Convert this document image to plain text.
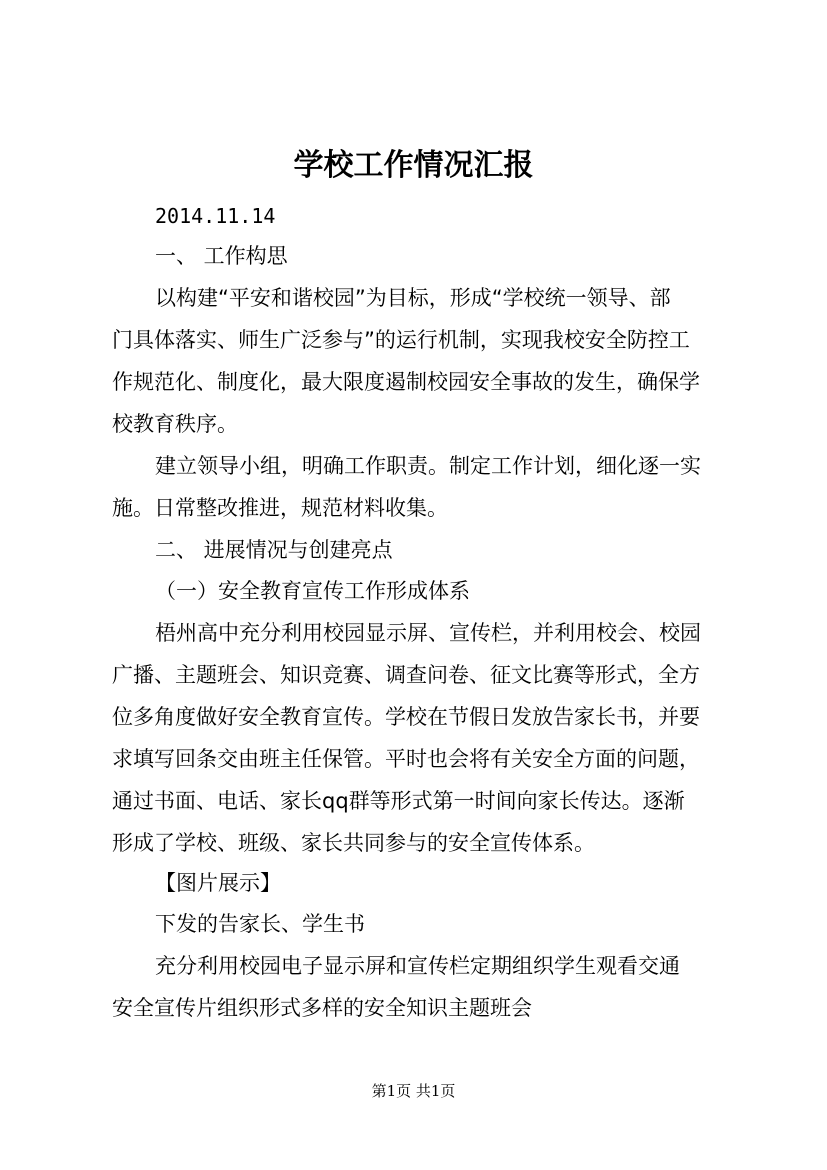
学校工作情况汇报

2014.11.14

一、 工作构思

以构建“平安和谐校园”为目标，形成“学校统一领导、部

门具体落实、师生广泛参与”的运行机制，实现我校安全防控工

作规范化、制度化，最大限度遏制校园安全事故的发生，确保学

校教育秩序。

建立领导小组，明确工作职责。制定工作计划，细化逐一实

施。日常整改推进，规范材料收集。

二、 进展情况与创建亮点

（一）安全教育宣传工作形成体系

梧州高中充分利用校园显示屏、宣传栏，并利用校会、校园

广播、主题班会、知识竞赛、调查问卷、征文比赛等形式，全方

位多角度做好安全教育宣传。学校在节假日发放告家长书，并要

求填写回条交由班主任保管。平时也会将有关安全方面的问题，

通过书面、电话、家长qq群等形式第一时间向家长传达。逐渐

形成了学校、班级、家长共同参与的安全宣传体系。

【图片展示】

下发的告家长、学生书

充分利用校园电子显示屏和宣传栏定期组织学生观看交通

安全宣传片组织形式多样的安全知识主题班会

第1页 共1页
